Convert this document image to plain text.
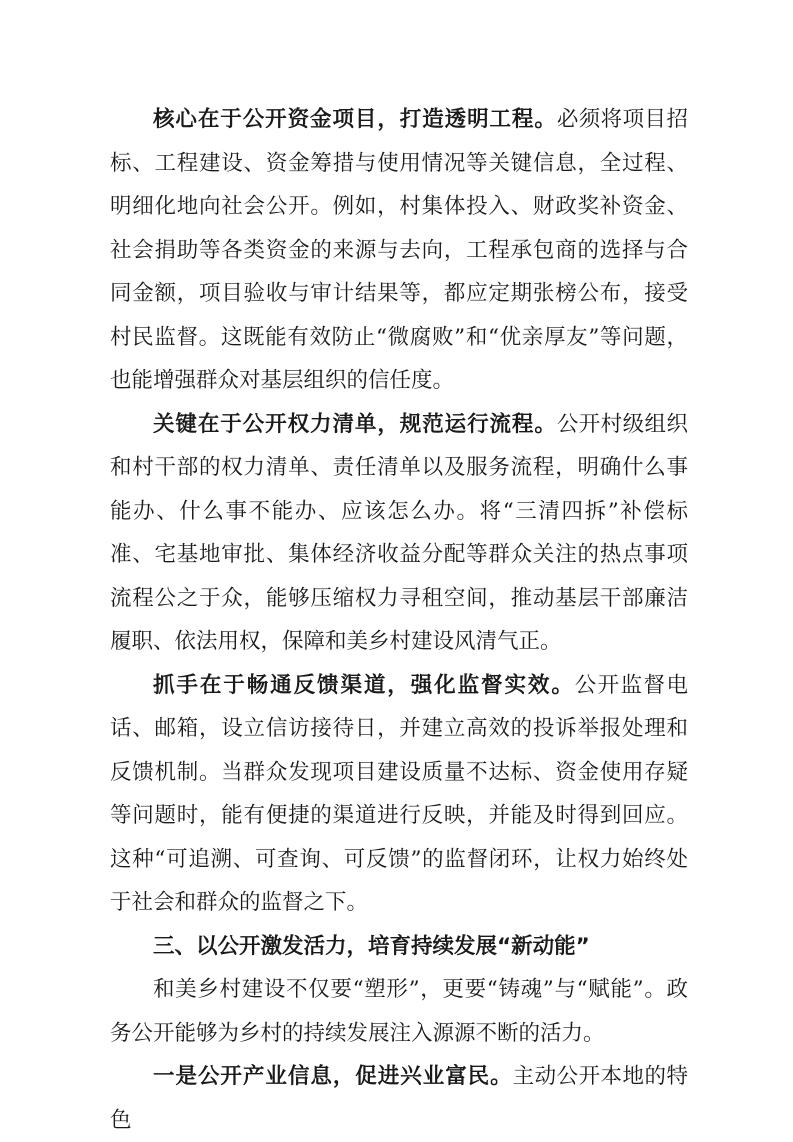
核心在于公开资金项目，打造透明工程。必须将项目招标、工程建设、资金筹措与使用情况等关键信息，全过程、明细化地向社会公开。例如，村集体投入、财政奖补资金、社会捐助等各类资金的来源与去向，工程承包商的选择与合同金额，项目验收与审计结果等，都应定期张榜公布，接受村民监督。这既能有效防止“微腐败”和“优亲厚友”等问题，也能增强群众对基层组织的信任度。

关键在于公开权力清单，规范运行流程。公开村级组织和村干部的权力清单、责任清单以及服务流程，明确什么事能办、什么事不能办、应该怎么办。将“三清四拆”补偿标准、宅基地审批、集体经济收益分配等群众关注的热点事项流程公之于众，能够压缩权力寻租空间，推动基层干部廉洁履职、依法用权，保障和美乡村建设风清气正。

抓手在于畅通反馈渠道，强化监督实效。公开监督电话、邮箱，设立信访接待日，并建立高效的投诉举报处理和反馈机制。当群众发现项目建设质量不达标、资金使用存疑等问题时，能有便捷的渠道进行反映，并能及时得到回应。这种“可追溯、可查询、可反馈”的监督闭环，让权力始终处于社会和群众的监督之下。

三、以公开激发活力，培育持续发展“新动能”

和美乡村建设不仅要“塑形”，更要“铸魂”与“赋能”。政务公开能够为乡村的持续发展注入源源不断的活力。

一是公开产业信息，促进兴业富民。主动公开本地的特色
